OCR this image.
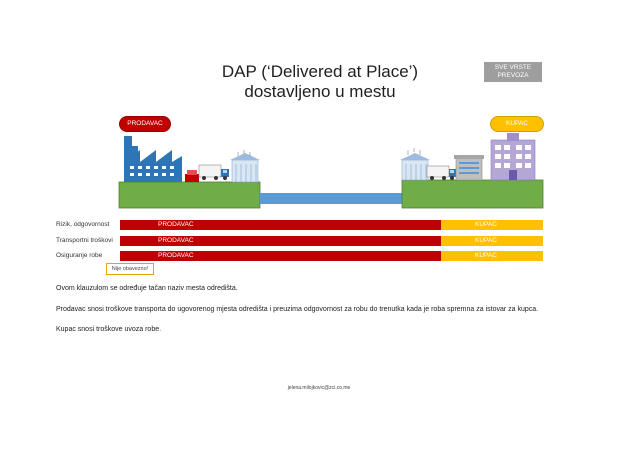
DAP (‘Delivered at Place’)
dostavljeno u mestu
SVE VRSTE
PREVOZA
PRODAVAC	KUPAC
Rizik, odgovornost	PRODAVAC	KUPAC
Transportni troškovi	PRODAVAC	KUPAC
Osiguranje robe	PRODAVAC	KUPAC
Nije obavezno!
Ovom klauzulom se određuje tačan naziv mesta odredišta.
Prodavac snosi troškove transporta do ugovorenog mjesta odredišta i preuzima odgovornost za robu do trenutka kada je roba spremna za istovar za kupca.
Kupac snosi troškove uvoza robe.
jelena.milojkovic@zci.co.me
